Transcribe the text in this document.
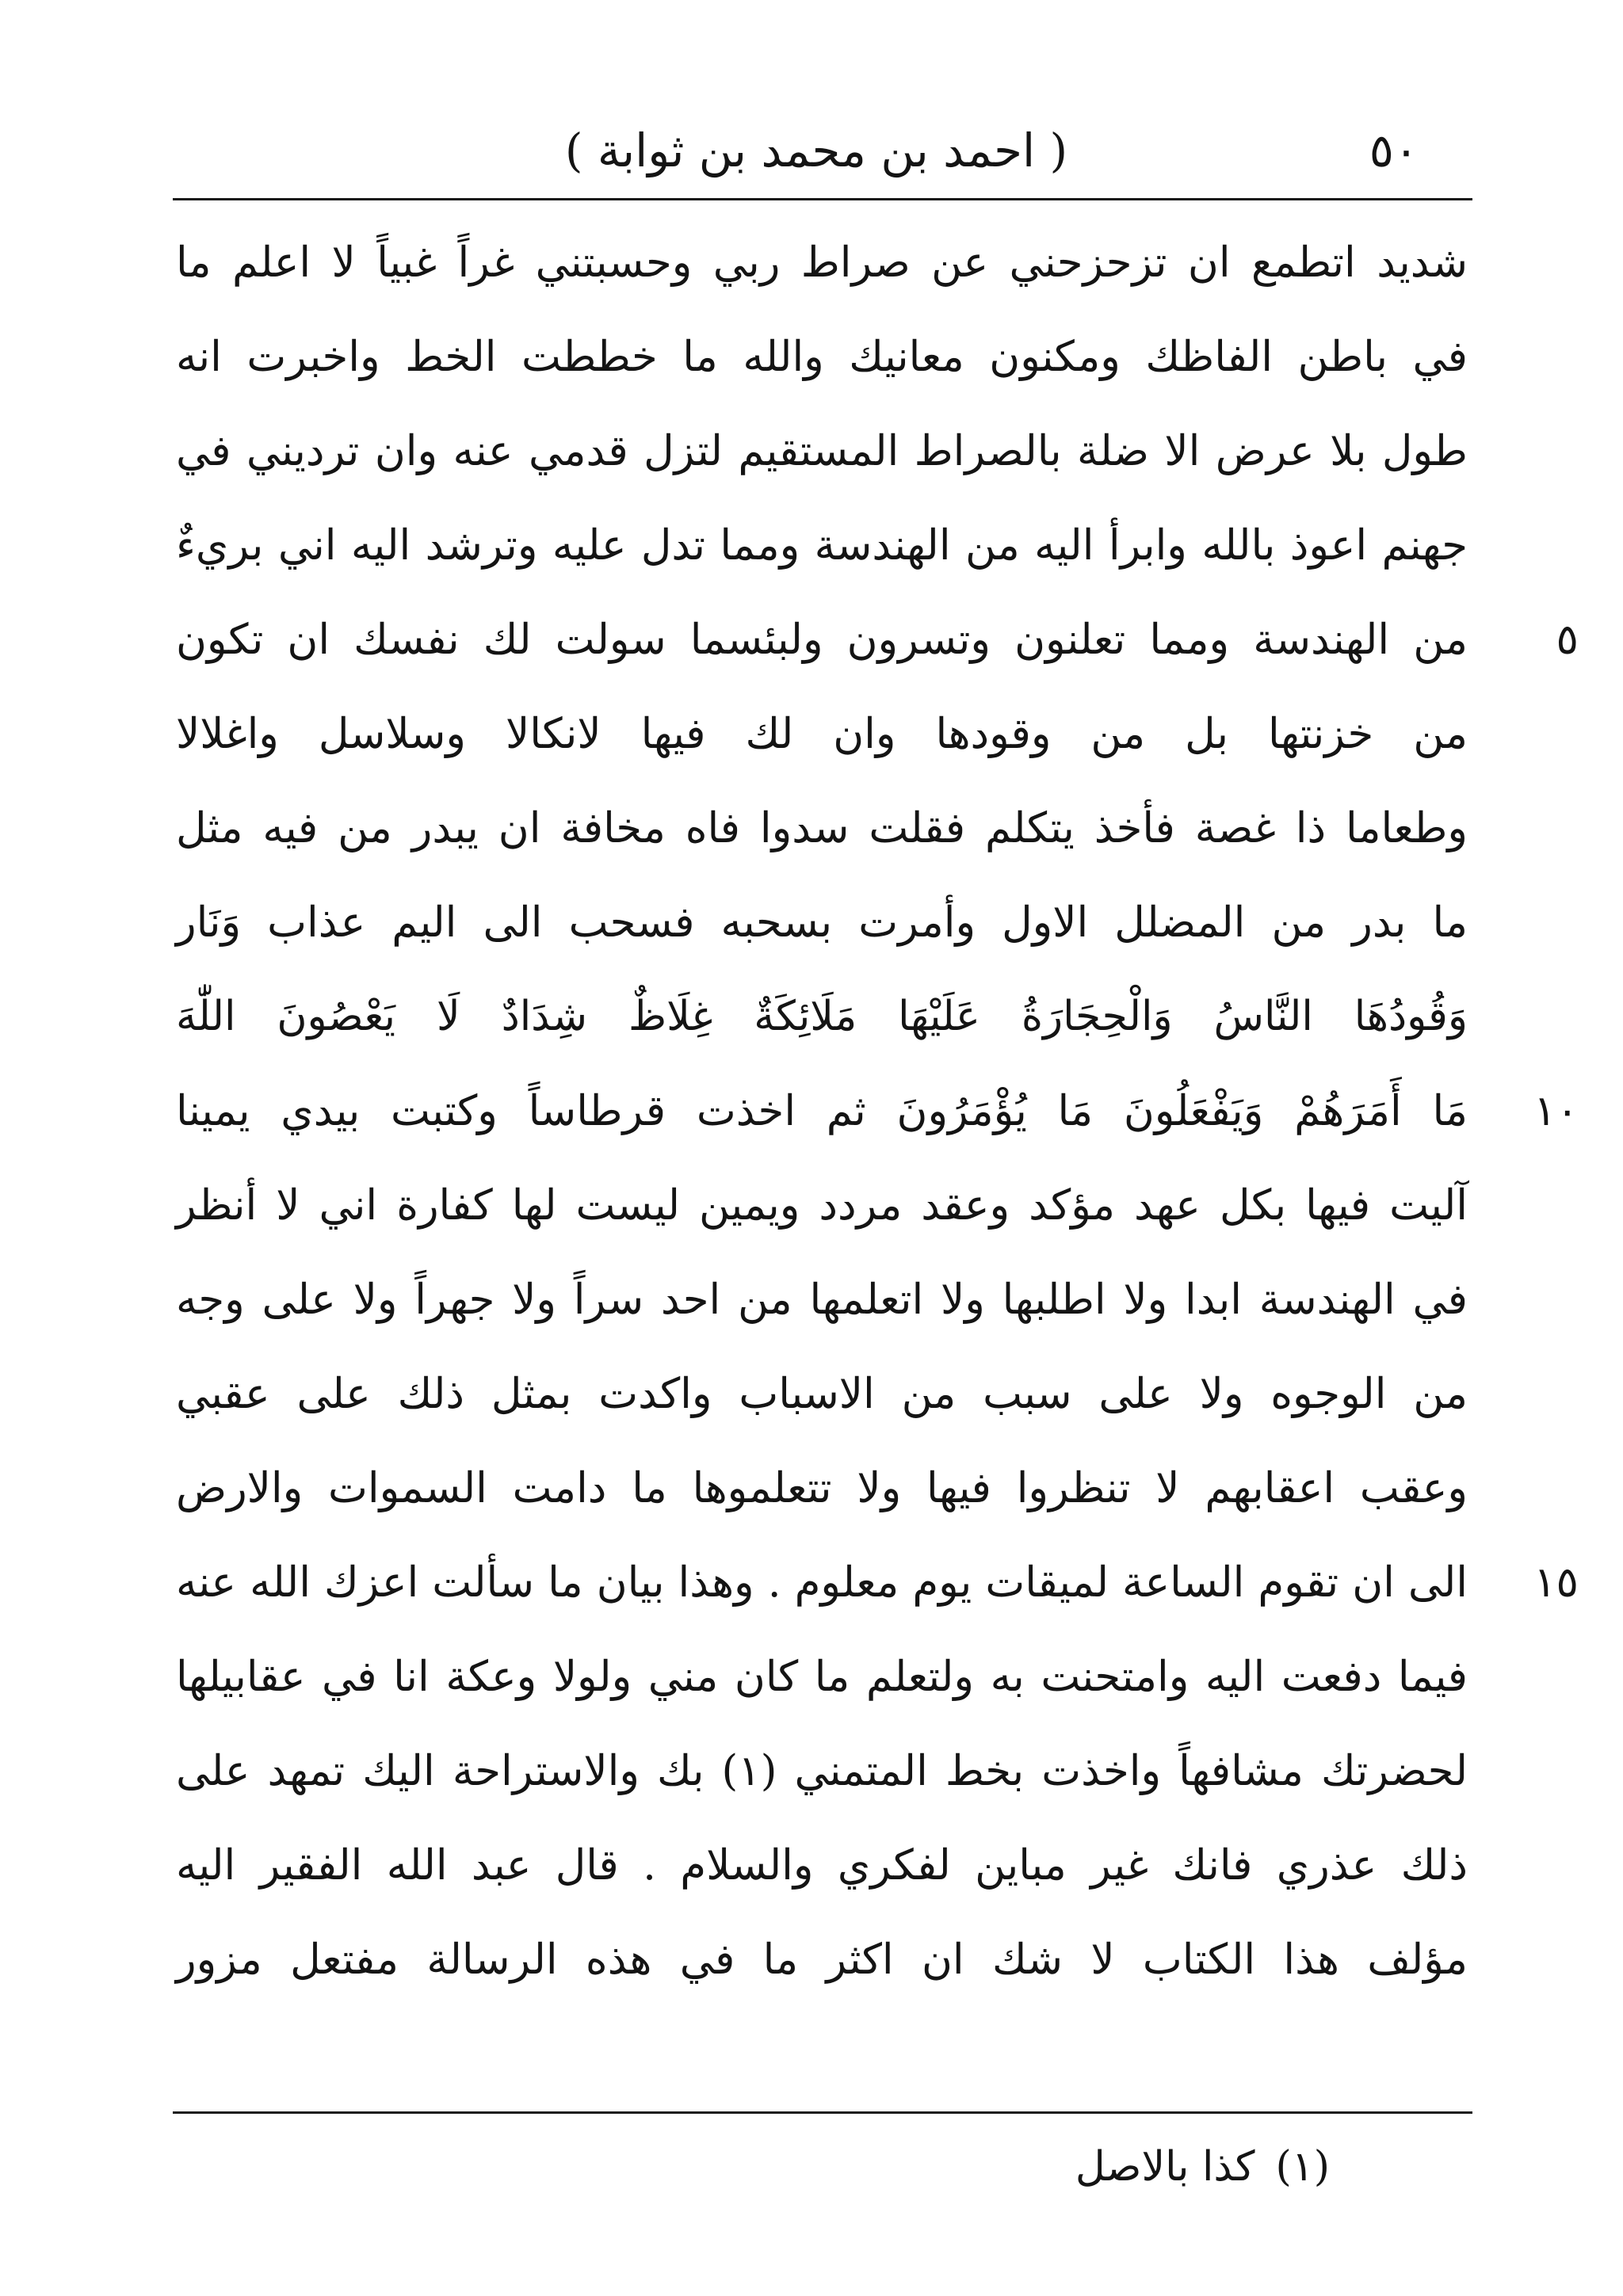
٥٠
( احمد بن محمد بن ثوابة )
شديد اتطمع ان تزحزحني عن صراط ربي وحسبتني غراً غبياً لا اعلم ما
في باطن الفاظك ومكنون معانيك والله ما خططت الخط واخبرت انه
طول بلا عرض الا ضلة بالصراط المستقيم لتزل قدمي عنه وان ترديني في
جهنم اعوذ بالله وابرأ اليه من الهندسة ومما تدل عليه وترشد اليه اني بريءٌ
من الهندسة ومما تعلنون وتسرون ولبئسما سولت لك نفسك ان تكون	٥
من خزنتها بل من وقودها وان لك فيها لانكالا وسلاسل واغلالا
وطعاما ذا غصة فأخذ يتكلم فقلت سدوا فاه مخافة ان يبدر من فيه مثل
ما بدر من المضلل الاول وأمرت بسحبه فسحب الى اليم عذاب وَنَار
وَقُودُهَا النَّاسُ وَالْحِجَارَةُ عَلَيْهَا مَلَائِكَةٌ غِلَاظٌ شِدَادٌ لَا يَعْصُونَ اللّٰهَ
مَا أَمَرَهُمْ وَيَفْعَلُونَ مَا يُؤْمَرُونَ ثم اخذت قرطاساً وكتبت بيدي يمينا	١٠
آليت فيها بكل عهد مؤكد وعقد مردد ويمين ليست لها كفارة اني لا أنظر
في الهندسة ابدا ولا اطلبها ولا اتعلمها من احد سراً ولا جهراً ولا على وجه
من الوجوه ولا على سبب من الاسباب واكدت بمثل ذلك على عقبي
وعقب اعقابهم لا تنظروا فيها ولا تتعلموها ما دامت السموات والارض
الى ان تقوم الساعة لميقات يوم معلوم . وهذا بيان ما سألت اعزك الله عنه	١٥
فيما دفعت اليه وامتحنت به ولتعلم ما كان مني ولولا وعكة انا في عقابيلها
لحضرتك مشافهاً واخذت بخط المتمني (١) بك والاستراحة اليك تمهد على
ذلك عذري فانك غير مباين لفكري والسلام . قال عبد الله الفقير اليه
مؤلف هذا الكتاب لا شك ان اكثر ما في هذه الرسالة مفتعل مزور
(١)كذا بالاصل
